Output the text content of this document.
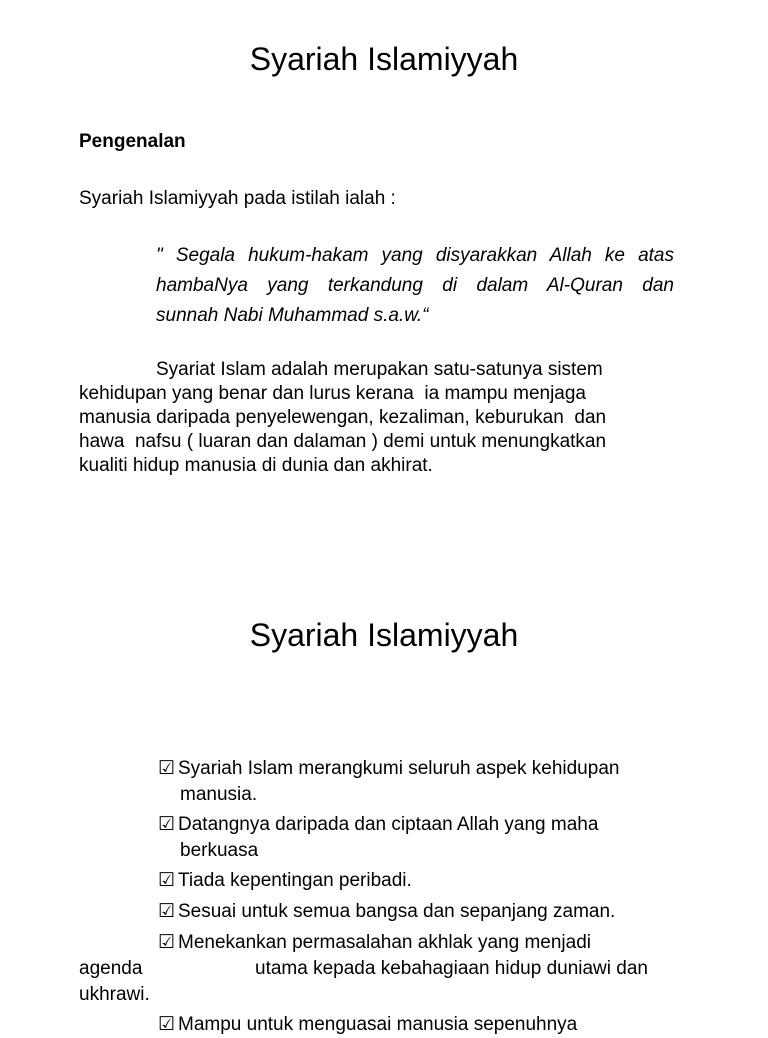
Syariah Islamiyyah
Pengenalan
Syariah Islamiyyah pada istilah ialah :
" Segala hukum-hakam yang disyarakkan Allah ke atas
hambaNya yang terkandung di dalam Al-Quran dan
sunnah Nabi Muhammad s.a.w.“
Syariat Islam adalah merupakan satu-satunya sistem
kehidupan yang benar dan lurus kerana  ia mampu menjaga
manusia daripada penyelewengan, kezaliman, keburukan  dan
hawa  nafsu ( luaran dan dalaman ) demi untuk menungkatkan
kualiti hidup manusia di dunia dan akhirat.
Syariah Islamiyyah
☑ Syariah Islam merangkumi seluruh aspek kehidupan
manusia.
☑ Datangnya daripada dan ciptaan Allah yang maha
berkuasa
☑ Tiada kepentingan peribadi.
☑ Sesuai untuk semua bangsa dan sepanjang zaman.
☑ Menekankan permasalahan akhlak yang menjadi
agenda	utama kepada kebahagiaan hidup duniawi dan
ukhrawi.
☑ Mampu untuk menguasai manusia sepenuhnya
